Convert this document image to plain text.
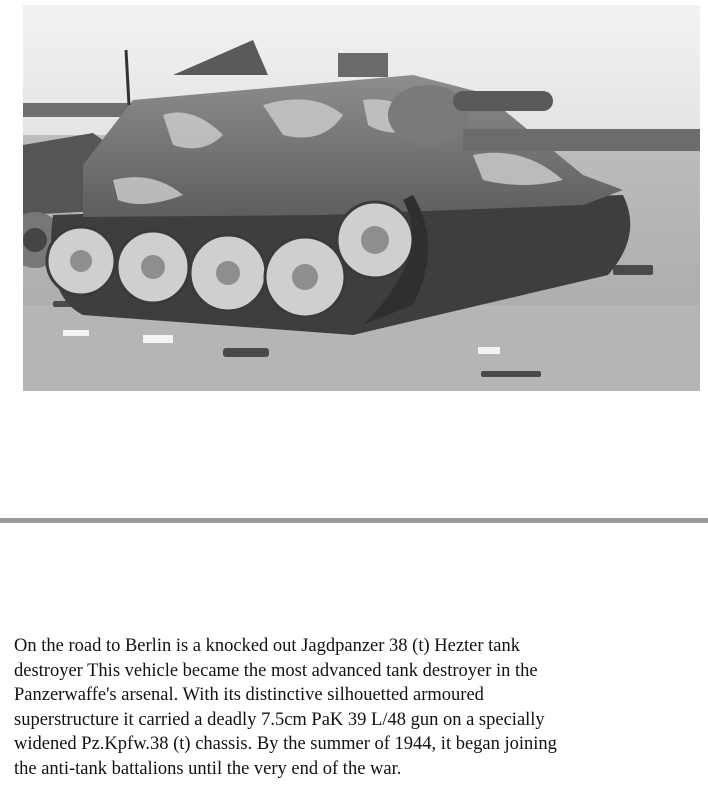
On the road to Berlin is a knocked out Jagdpanzer 38 (t) Hezter tank
destroyer This vehicle became the most advanced tank destroyer in the
Panzerwaffe's arsenal. With its distinctive silhouetted armoured
superstructure it carried a deadly 7.5cm PaK 39 L/48 gun on a specially
widened Pz.Kpfw.38 (t) chassis. By the summer of 1944, it began joining
the anti-tank battalions until the very end of the war.
